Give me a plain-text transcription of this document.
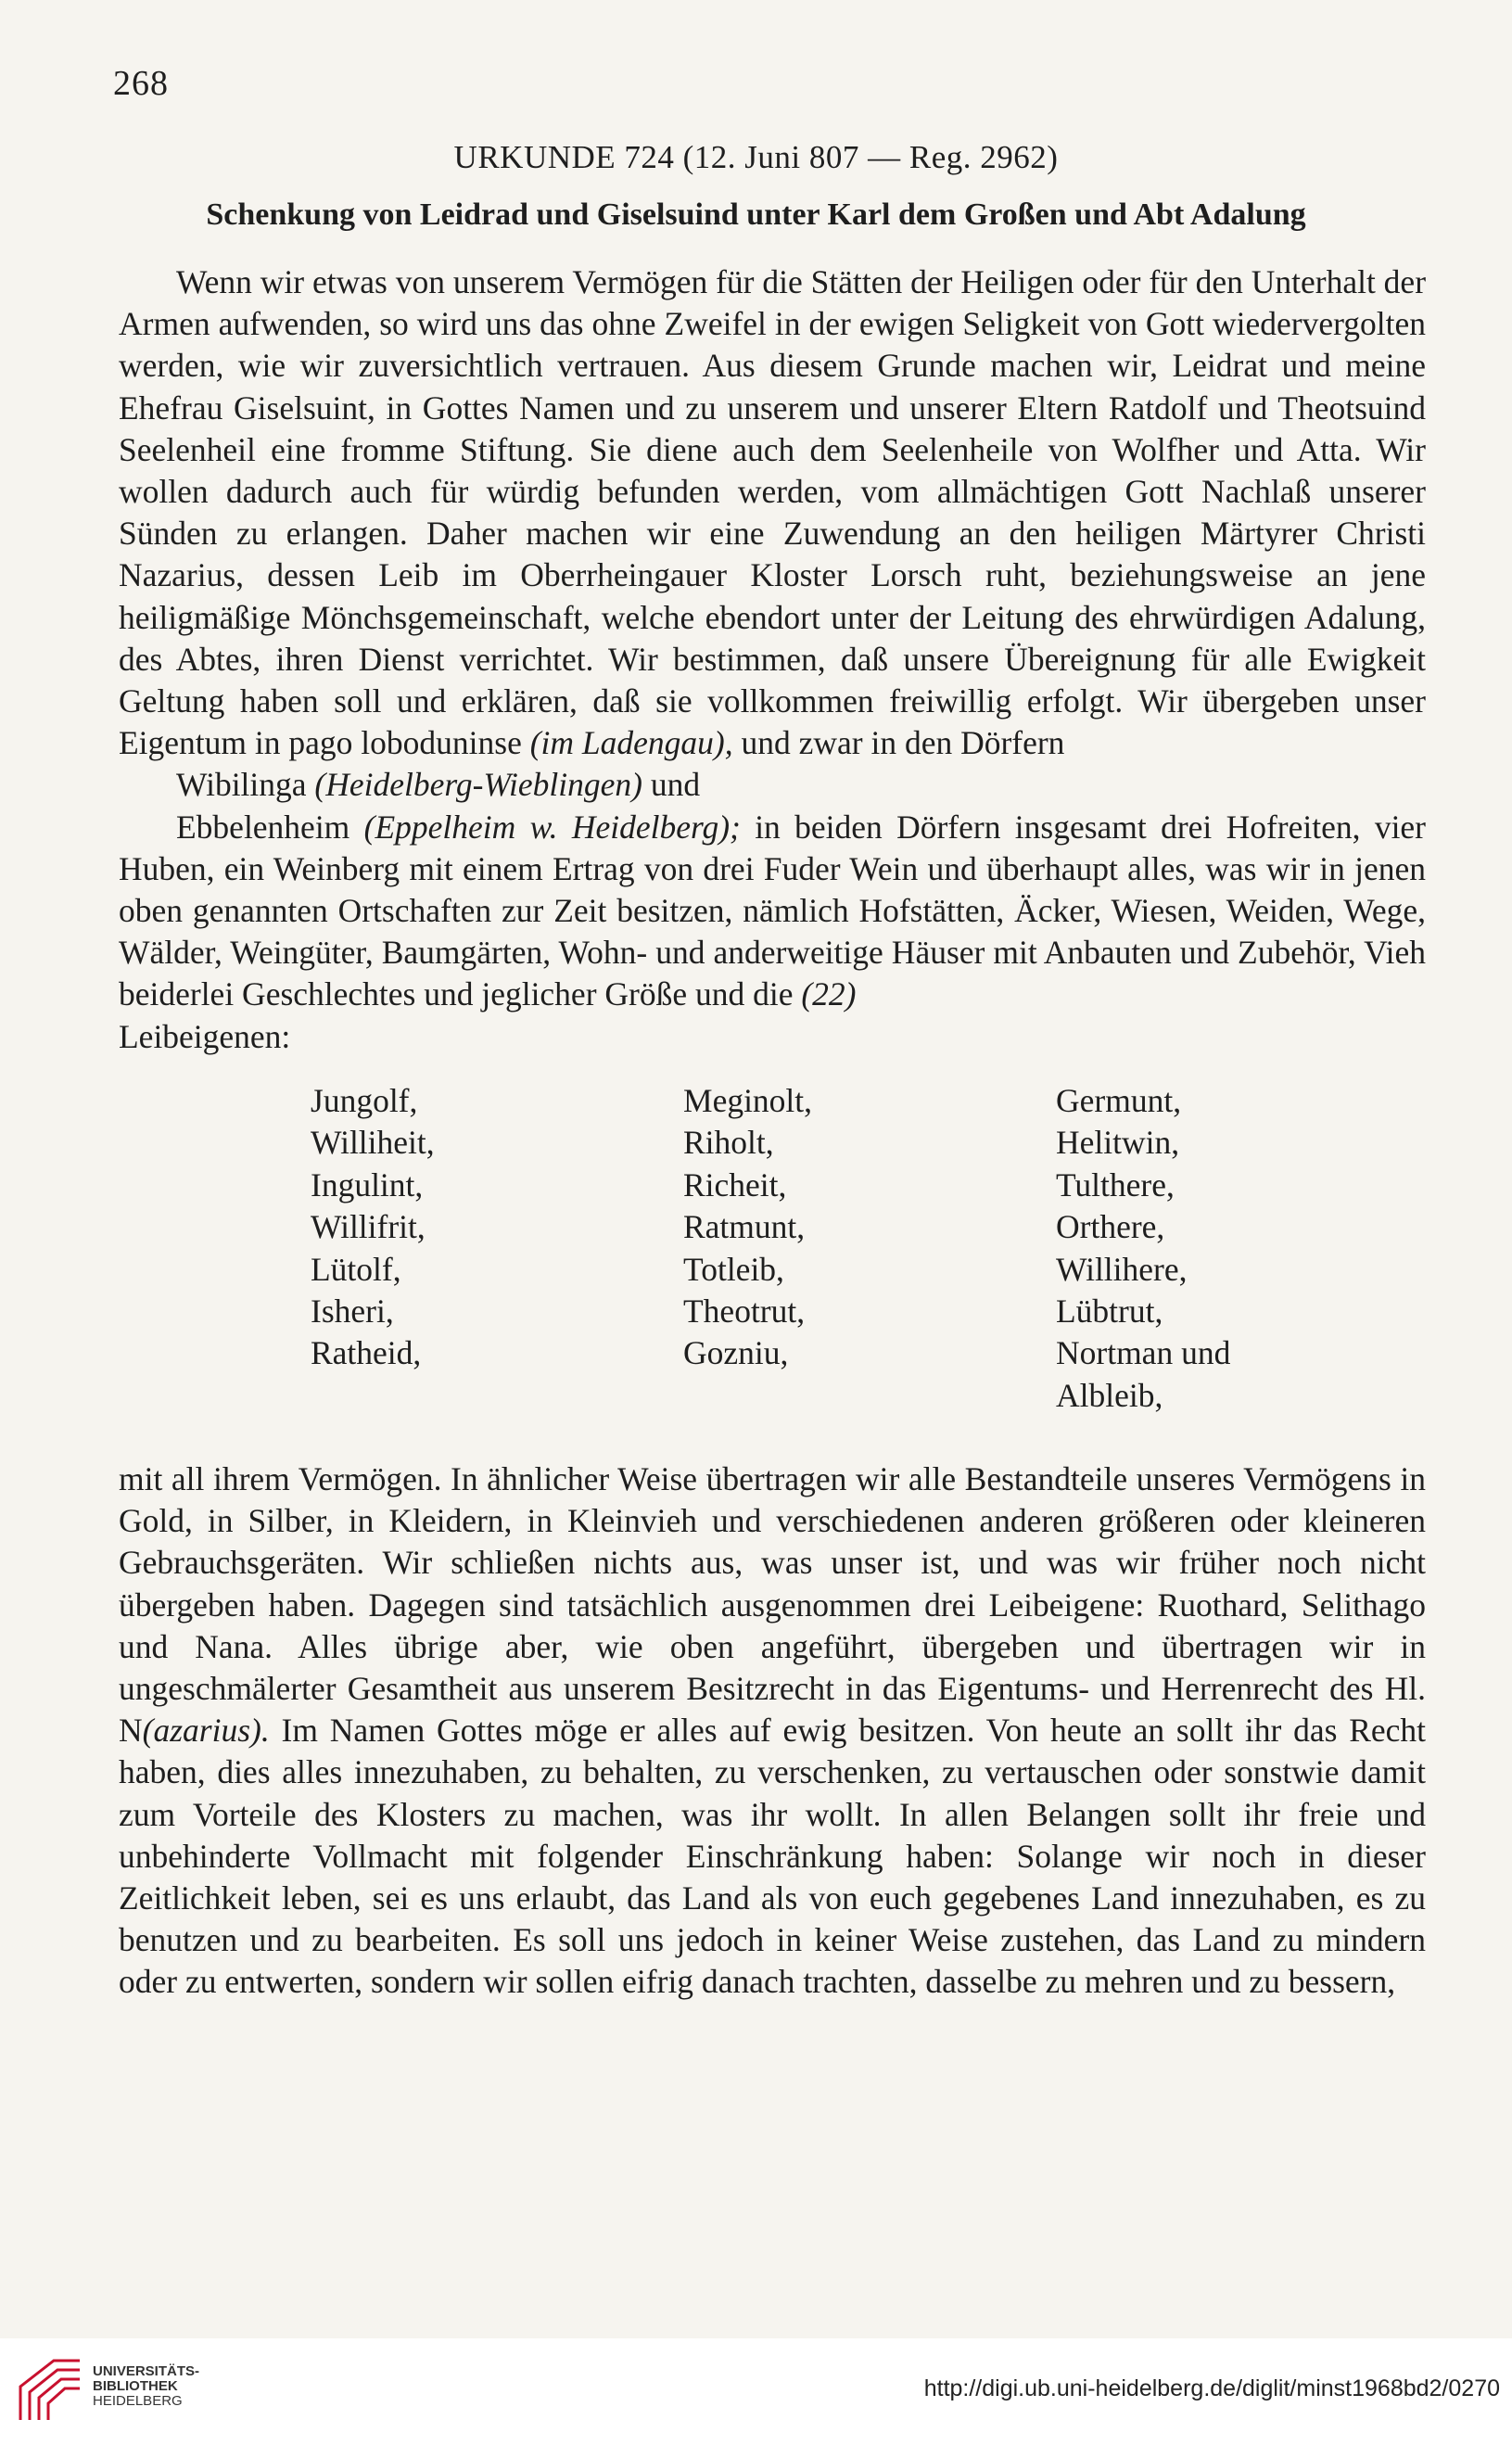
268
URKUNDE 724 (12. Juni 807 — Reg. 2962)
Schenkung von Leidrad und Giselsuind unter Karl dem Großen und Abt Adalung

Wenn wir etwas von unserem Vermögen für die Stätten der Heiligen oder für den Unterhalt der Armen aufwenden, so wird uns das ohne Zweifel in der ewigen Seligkeit von Gott wiedervergolten werden, wie wir zuversichtlich vertrauen. Aus diesem Grunde machen wir, Leidrat und meine Ehefrau Giselsuint, in Gottes Namen und zu unserem und unserer Eltern Ratdolf und Theotsuind Seelenheil eine fromme Stiftung. Sie diene auch dem Seelenheile von Wolfher und Atta. Wir wollen dadurch auch für würdig befunden werden, vom allmächtigen Gott Nachlaß unserer Sünden zu erlangen. Daher machen wir eine Zuwendung an den heiligen Märtyrer Christi Nazarius, dessen Leib im Oberrheingauer Kloster Lorsch ruht, beziehungsweise an jene heiligmäßige Mönchsgemeinschaft, welche ebendort unter der Leitung des ehrwürdigen Adalung, des Abtes, ihren Dienst verrichtet. Wir bestimmen, daß unsere Übereignung für alle Ewigkeit Geltung haben soll und erklären, daß sie vollkommen freiwillig erfolgt. Wir übergeben unser Eigentum in pago loboduninse (im Ladengau), und zwar in den Dörfern

Wibilinga (Heidelberg-Wieblingen) und

Ebbelenheim (Eppelheim w. Heidelberg); in beiden Dörfern insgesamt drei Hofreiten, vier Huben, ein Weinberg mit einem Ertrag von drei Fuder Wein und überhaupt alles, was wir in jenen oben genannten Ortschaften zur Zeit besitzen, nämlich Hofstätten, Äcker, Wiesen, Weiden, Wege, Wälder, Weingüter, Baumgärten, Wohn- und anderweitige Häuser mit Anbauten und Zubehör, Vieh beiderlei Geschlechtes und jeglicher Größe und die (22)
Leibeigenen:

Jungolf,	Meginolt,	Germunt,
Williheit,	Riholt,	Helitwin,
Ingulint,	Richeit,	Tulthere,
Willifrit,	Ratmunt,	Orthere,
Lütolf,	Totleib,	Willihere,
Isheri,	Theotrut,	Lübtrut,
Ratheid,	Gozniu,	Nortman und
Albleib,

mit all ihrem Vermögen. In ähnlicher Weise übertragen wir alle Bestandteile unseres Vermögens in Gold, in Silber, in Kleidern, in Kleinvieh und verschiedenen anderen größeren oder kleineren Gebrauchsgeräten. Wir schließen nichts aus, was unser ist, und was wir früher noch nicht übergeben haben. Dagegen sind tatsächlich ausgenommen drei Leibeigene: Ruothard, Selithago und Nana. Alles übrige aber, wie oben angeführt, übergeben und übertragen wir in ungeschmälerter Gesamtheit aus unserem Besitzrecht in das Eigentums- und Herrenrecht des Hl. N(azarius). Im Namen Gottes möge er alles auf ewig besitzen. Von heute an sollt ihr das Recht haben, dies alles innezuhaben, zu behalten, zu verschenken, zu vertauschen oder sonstwie damit zum Vorteile des Klosters zu machen, was ihr wollt. In allen Belangen sollt ihr freie und unbehinderte Vollmacht mit folgender Einschränkung haben: Solange wir noch in dieser Zeitlichkeit leben, sei es uns erlaubt, das Land als von euch gegebenes Land innezuhaben, es zu benutzen und zu bearbeiten. Es soll uns jedoch in keiner Weise zustehen, das Land zu mindern oder zu entwerten, sondern wir sollen eifrig danach trachten, dasselbe zu mehren und zu bessern,

UNIVERSITÄTS-
BIBLIOTHEK
HEIDELBERG	http://digi.ub.uni-heidelberg.de/diglit/minst1968bd2/0270
